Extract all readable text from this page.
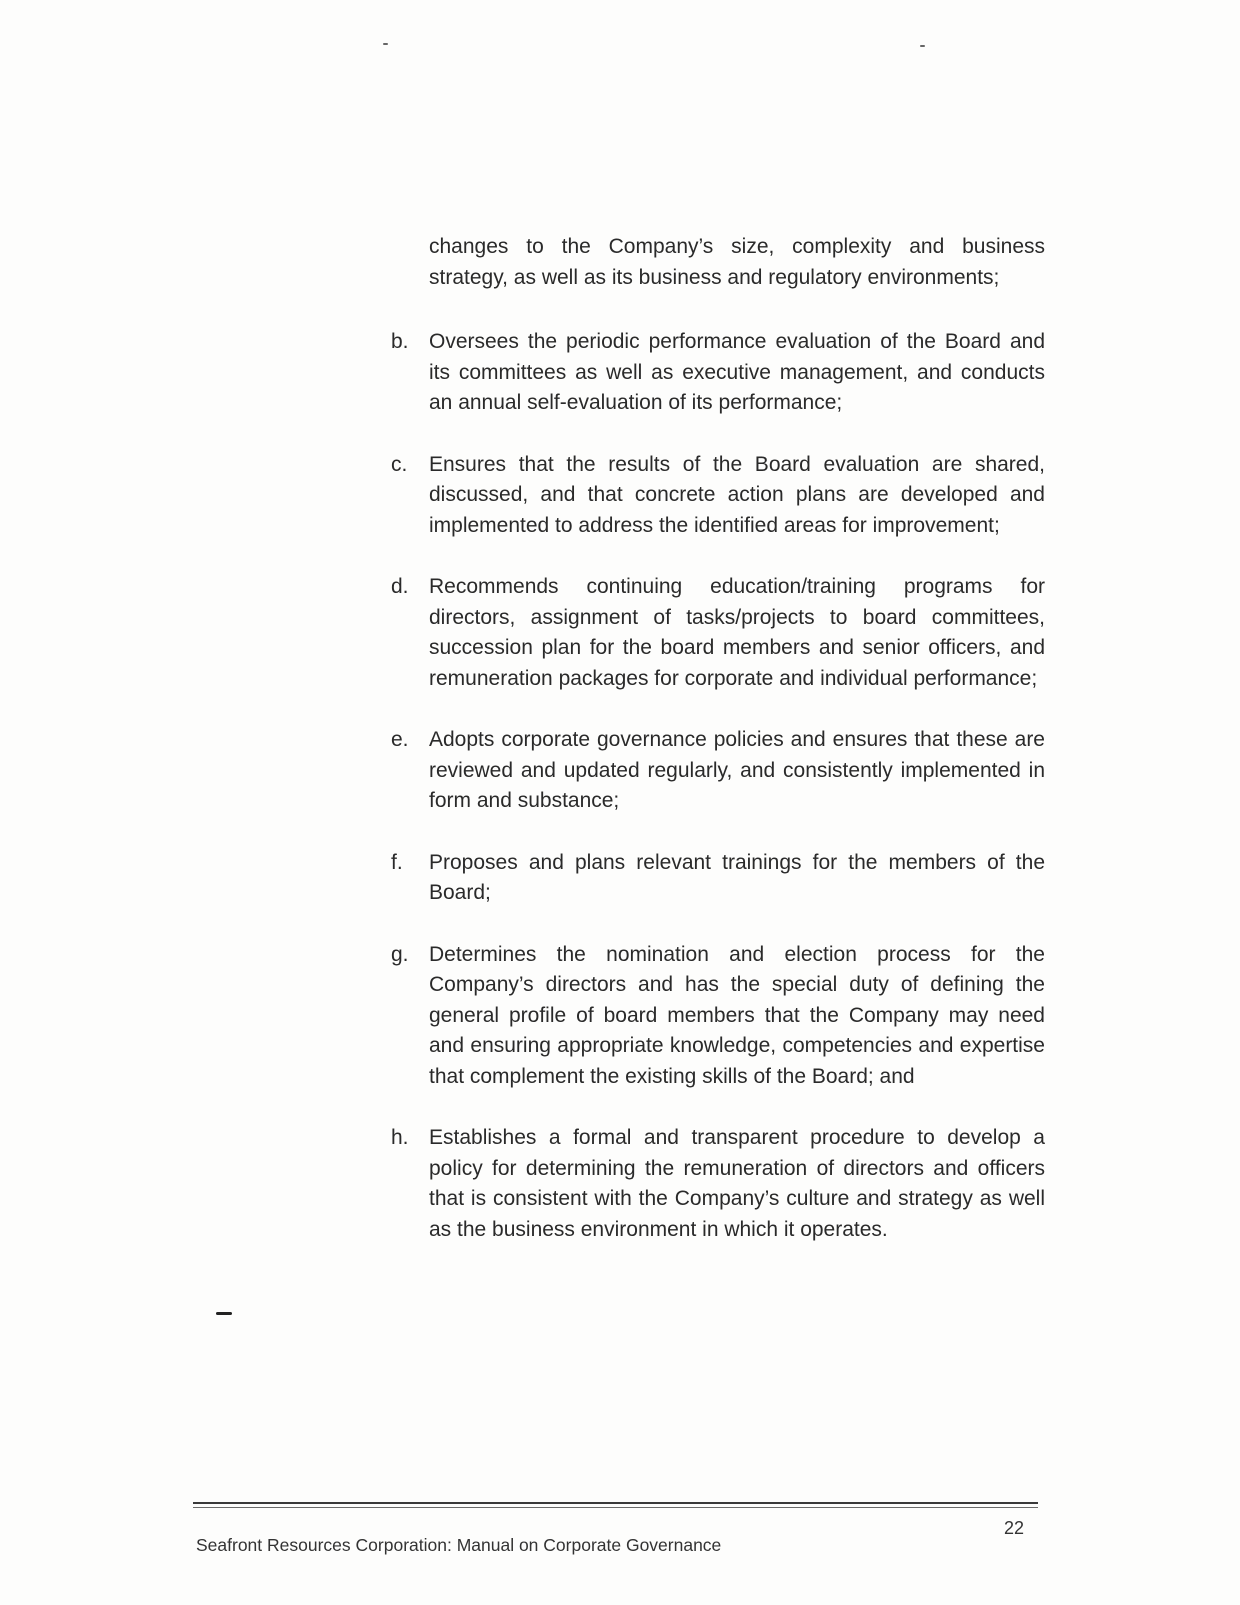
changes to the Company’s size, complexity and business strategy, as well as its business and regulatory environments;
b. Oversees the periodic performance evaluation of the Board and its committees as well as executive management, and conducts an annual self-evaluation of its performance;
c.	Ensures that the results of the Board evaluation are shared, discussed, and that concrete action plans are developed and implemented to address the identified areas for improvement;
d. Recommends continuing education/training programs for directors, assignment of tasks/projects to board committees, succession plan for the board members and senior officers, and remuneration packages for corporate and individual performance;
e. Adopts corporate governance policies and ensures that these are reviewed and updated regularly, and consistently implemented in form and substance;
f.	Proposes and plans relevant trainings for the members of the Board;
g. Determines the nomination and election process for the Company’s directors and has the special duty of defining the general profile of board members that the Company may need and ensuring appropriate knowledge, competencies and expertise that complement the existing skills of the Board; and
h. Establishes a formal and transparent procedure to develop a policy for determining the remuneration of directors and officers that is consistent with the Company’s culture and strategy as well as the business environment in which it operates.
22
Seafront Resources Corporation: Manual on Corporate Governance
